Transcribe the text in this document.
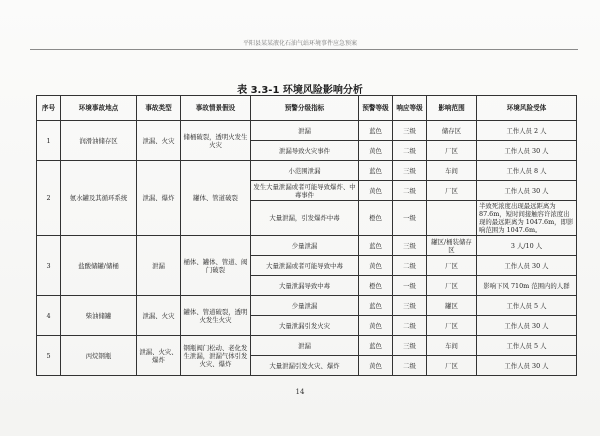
平阳县某某液化石油气站环境事件应急预案
表 3.3-1 环境风险影响分析
序号	环境事故地点	事故类型	事故情景假设	预警分级指标	预警等级	响应等级	影响范围	环境风险受体
1	润滑油储存区	泄漏、火灾	储桶破裂，透明火发生火灾	泄漏	蓝色	三级	储存区	工作人员 2 人
				泄漏导致火灾事件	黄色	二级	厂区	工作人员 30 人
2	氨水罐及其循环系统	泄漏、爆炸	罐体、管道破裂	小范围泄漏	蓝色	三级	车间	工作人员 8 人
				发生大量泄漏或者可能导致爆炸、中毒事件	黄色	二级	厂区	工作人员 30 人
				大量泄漏，引发爆炸中毒	橙色	一级		半致死浓度出现最远距离为 87.6m，短时间接触容许浓度出现的最远距离为 1047.6m，即影响范围为 1047.6m。
3	盐酸储罐/储桶	泄漏	桶体、罐体、管道、阀门破裂	少量泄漏	蓝色	三级	罐区/桶装储存区	3 人/10 人
				大量泄漏或者可能导致中毒	黄色	二级	厂区	工作人员 30 人
				大量泄漏导致中毒	橙色	一级	厂区	影响下风 710m 范围内的人群
4	柴油储罐	泄漏、火灾	罐体、管道破裂，透明火发生火灾	少量泄漏	蓝色	三级	罐区	工作人员 5 人
				大量泄漏引发火灾	黄色	二级	厂区	工作人员 30 人
5	丙烷钢瓶	泄漏、火灾、爆炸	钢瓶阀门松动、老化发生泄漏，泄漏气体引发火灾、爆炸	泄漏	蓝色	三级	车间	工作人员 5 人
				大量泄漏引发火灾、爆炸	黄色	二级	厂区	工作人员 30 人
14
